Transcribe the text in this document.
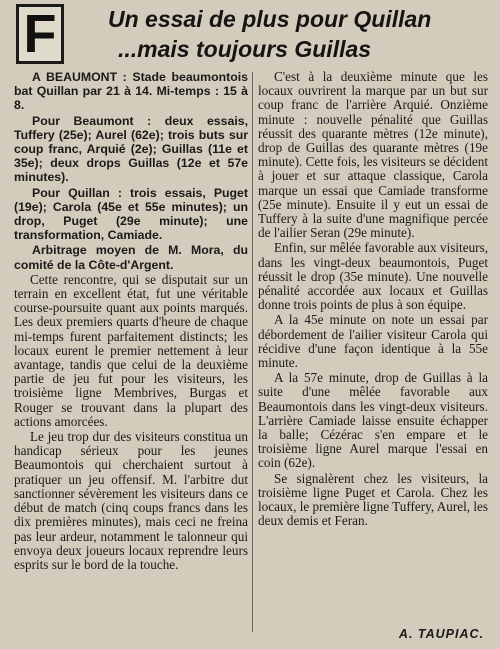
F	Un essai de plus pour Quillan
...mais toujours Guillas

A BEAUMONT : Stade beaumontois bat Quillan par 21 à 14. Mi-temps : 15 à 8.

Pour Beaumont : deux essais, Tuffery (25e); Aurel (62e); trois buts sur coup franc, Arquié (2e); Guillas (11e et 35e); deux drops Guillas (12e et 57e minutes).

Pour Quillan : trois essais, Puget (19e); Carola (45e et 55e minutes); un drop, Puget (29e minute); une transformation, Camiade.

Arbitrage moyen de M. Mora, du comité de la Côte-d'Argent.

Cette rencontre, qui se disputait sur un terrain en excellent état, fut une véritable course-poursuite quant aux points marqués. Les deux premiers quarts d'heure de chaque mi-temps furent parfaitement distincts; les locaux eurent le premier nettement à leur avantage, tandis que celui de la deuxième partie de jeu fut pour les visiteurs, les troisième ligne Membrives, Burgas et Rouger se trouvant dans la plupart des actions amorcées.

Le jeu trop dur des visiteurs constitua un handicap sérieux pour les jeunes Beaumontois qui cherchaient surtout à pratiquer un jeu offensif. M. l'arbitre dut sanctionner sévèrement les visiteurs dans ce début de match (cinq coups francs dans les dix premières minutes), mais ceci ne freina pas leur ardeur, notamment le talonneur qui envoya deux joueurs locaux reprendre leurs esprits sur le bord de la touche.

C'est à la deuxième minute que les locaux ouvrirent la marque par un but sur coup franc de l'arrière Arquié. Onzième minute : nouvelle pénalité que Guillas réussit des quarante mètres (12e minute), drop de Guillas des quarante mètres (19e minute). Cette fois, les visiteurs se décident à jouer et sur attaque classique, Carola marque un essai que Camiade transforme (25e minute). Ensuite il y eut un essai de Tuffery à la suite d'une magnifique percée de l'ailier Seran (29e minute).

Enfin, sur mêlée favorable aux visiteurs, dans les vingt-deux beaumontois, Puget réussit le drop (35e minute). Une nouvelle pénalité accordée aux locaux et Guillas donne trois points de plus à son équipe.

A la 45e minute on note un essai par débordement de l'ailier visiteur Carola qui récidive d'une façon identique à la 55e minute.

A la 57e minute, drop de Guillas à la suite d'une mêlée favorable aux Beaumontois dans les vingt-deux visiteurs. L'arrière Camiade laisse ensuite échapper la balle; Cézérac s'en empare et le troisième ligne Aurel marque l'essai en coin (62e).

Se signalèrent chez les visiteurs, la troisième ligne Puget et Carola. Chez les locaux, le première ligne Tuffery, Aurel, les deux demis et Feran.

A. TAUPIAC.
